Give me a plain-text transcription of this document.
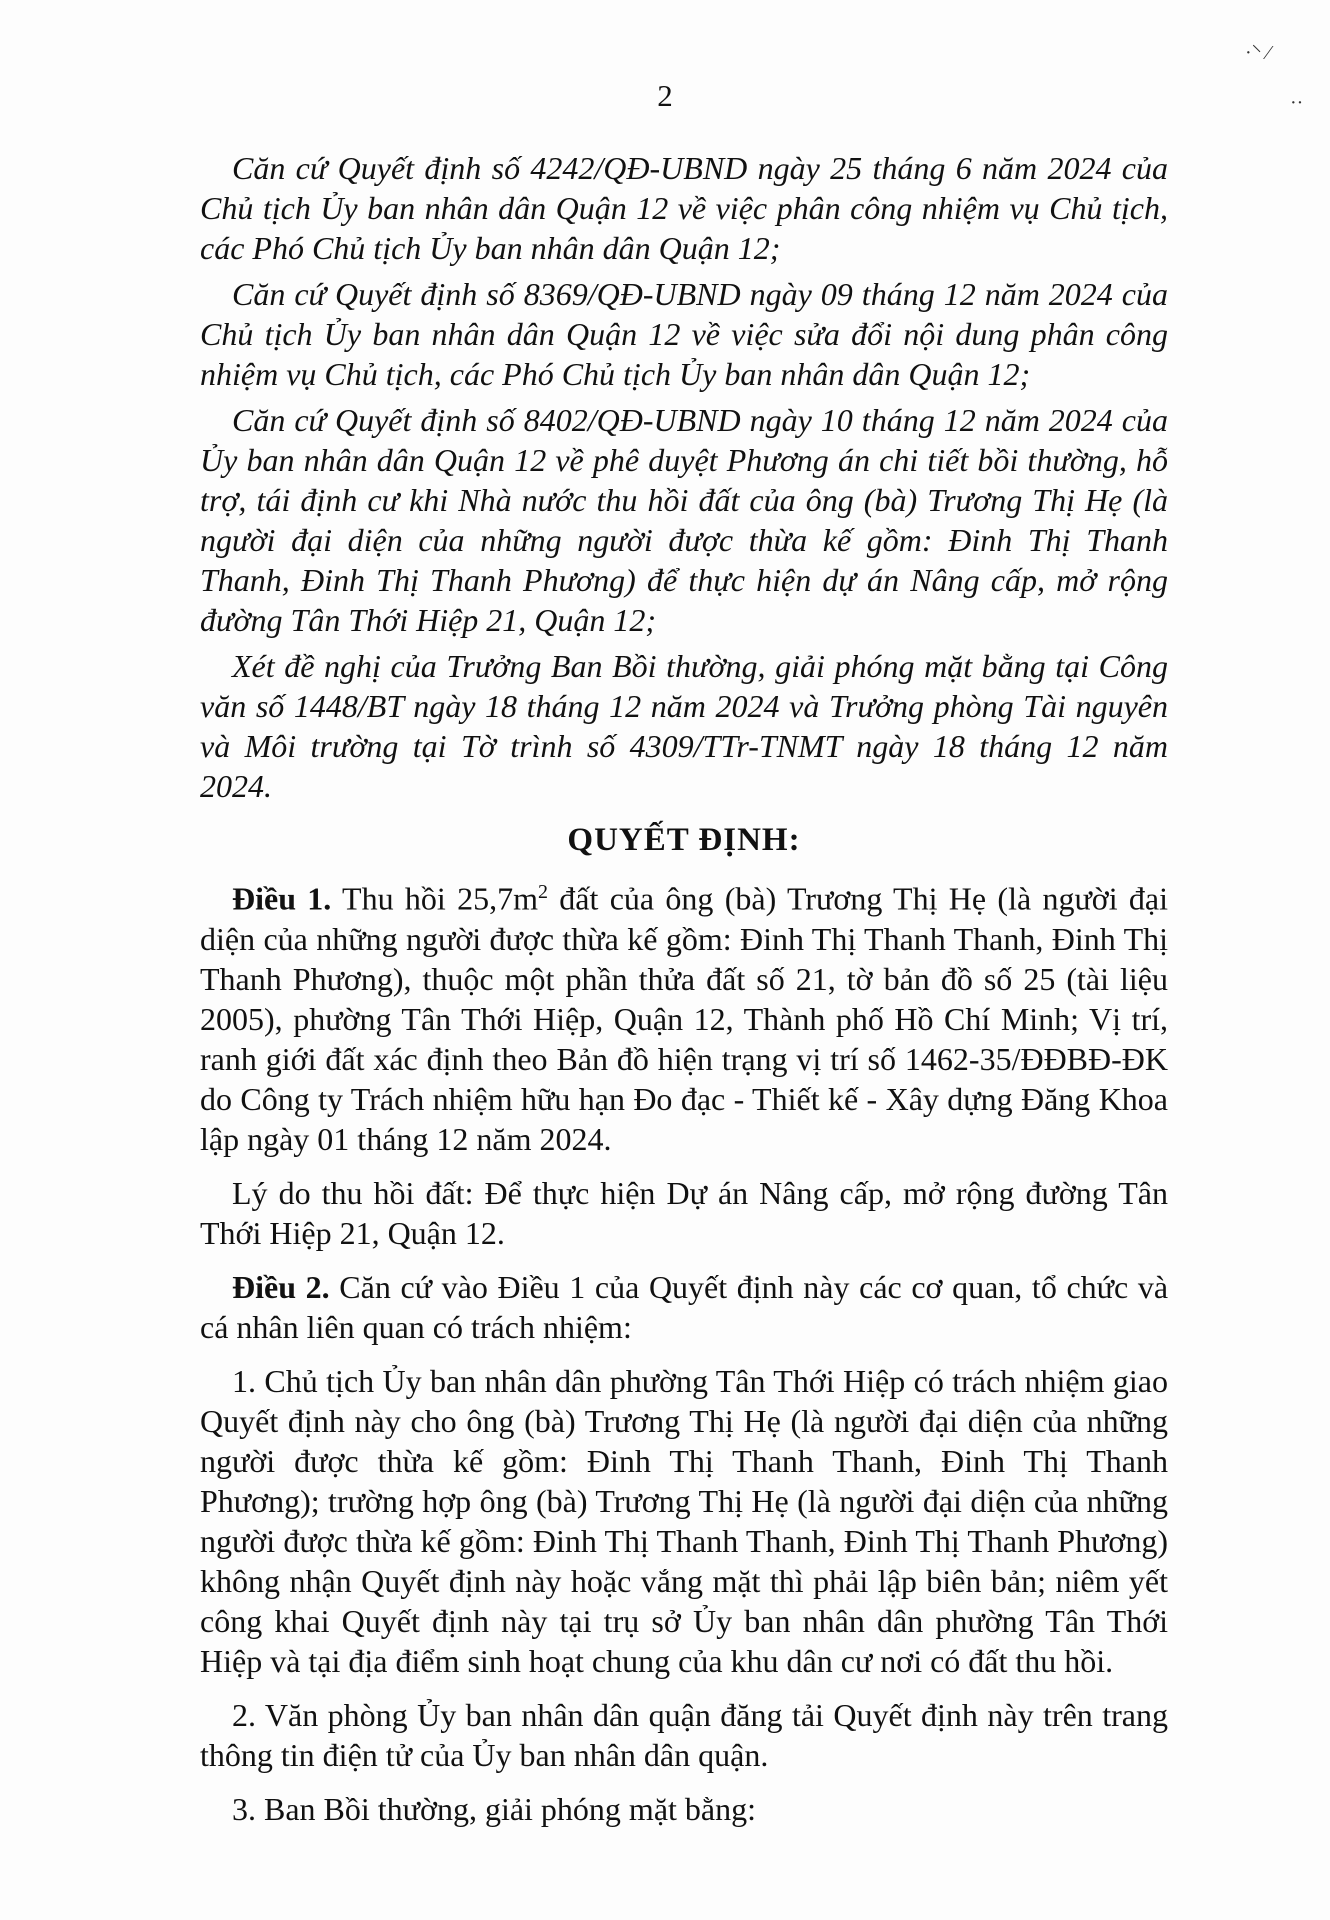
·⸌ ⁄
··
2

Căn cứ Quyết định số 4242/QĐ-UBND ngày 25 tháng 6 năm 2024 của Chủ tịch Ủy ban nhân dân Quận 12 về việc phân công nhiệm vụ Chủ tịch, các Phó Chủ tịch Ủy ban nhân dân Quận 12;

Căn cứ Quyết định số 8369/QĐ-UBND ngày 09 tháng 12 năm 2024 của Chủ tịch Ủy ban nhân dân Quận 12 về việc sửa đổi nội dung phân công nhiệm vụ Chủ tịch, các Phó Chủ tịch Ủy ban nhân dân Quận 12;

Căn cứ Quyết định số 8402/QĐ-UBND ngày 10 tháng 12 năm 2024 của Ủy ban nhân dân Quận 12 về phê duyệt Phương án chi tiết bồi thường, hỗ trợ, tái định cư khi Nhà nước thu hồi đất của ông (bà) Trương Thị Hẹ (là người đại diện của những người được thừa kế gồm: Đinh Thị Thanh Thanh, Đinh Thị Thanh Phương) để thực hiện dự án Nâng cấp, mở rộng đường Tân Thới Hiệp 21, Quận 12;

Xét đề nghị của Trưởng Ban Bồi thường, giải phóng mặt bằng tại Công văn số 1448/BT ngày 18 tháng 12 năm 2024 và Trưởng phòng Tài nguyên và Môi trường tại Tờ trình số 4309/TTr-TNMT ngày 18 tháng 12 năm 2024.

QUYẾT ĐỊNH:

Điều 1. Thu hồi $25,7m^2$ đất của ông (bà) Trương Thị Hẹ (là người đại diện của những người được thừa kế gồm: Đinh Thị Thanh Thanh, Đinh Thị Thanh Phương), thuộc một phần thửa đất số 21, tờ bản đồ số 25 (tài liệu 2005), phường Tân Thới Hiệp, Quận 12, Thành phố Hồ Chí Minh; Vị trí, ranh giới đất xác định theo Bản đồ hiện trạng vị trí số 1462-35/ĐĐBĐ-ĐK do Công ty Trách nhiệm hữu hạn Đo đạc - Thiết kế - Xây dựng Đăng Khoa lập ngày 01 tháng 12 năm 2024.

Lý do thu hồi đất: Để thực hiện Dự án Nâng cấp, mở rộng đường Tân Thới Hiệp 21, Quận 12.

Điều 2. Căn cứ vào Điều 1 của Quyết định này các cơ quan, tổ chức và cá nhân liên quan có trách nhiệm:

1. Chủ tịch Ủy ban nhân dân phường Tân Thới Hiệp có trách nhiệm giao Quyết định này cho ông (bà) Trương Thị Hẹ (là người đại diện của những người được thừa kế gồm: Đinh Thị Thanh Thanh, Đinh Thị Thanh Phương); trường hợp ông (bà) Trương Thị Hẹ (là người đại diện của những người được thừa kế gồm: Đinh Thị Thanh Thanh, Đinh Thị Thanh Phương) không nhận Quyết định này hoặc vắng mặt thì phải lập biên bản; niêm yết công khai Quyết định này tại trụ sở Ủy ban nhân dân phường Tân Thới Hiệp và tại địa điểm sinh hoạt chung của khu dân cư nơi có đất thu hồi.

2. Văn phòng Ủy ban nhân dân quận đăng tải Quyết định này trên trang thông tin điện tử của Ủy ban nhân dân quận.

3. Ban Bồi thường, giải phóng mặt bằng:
